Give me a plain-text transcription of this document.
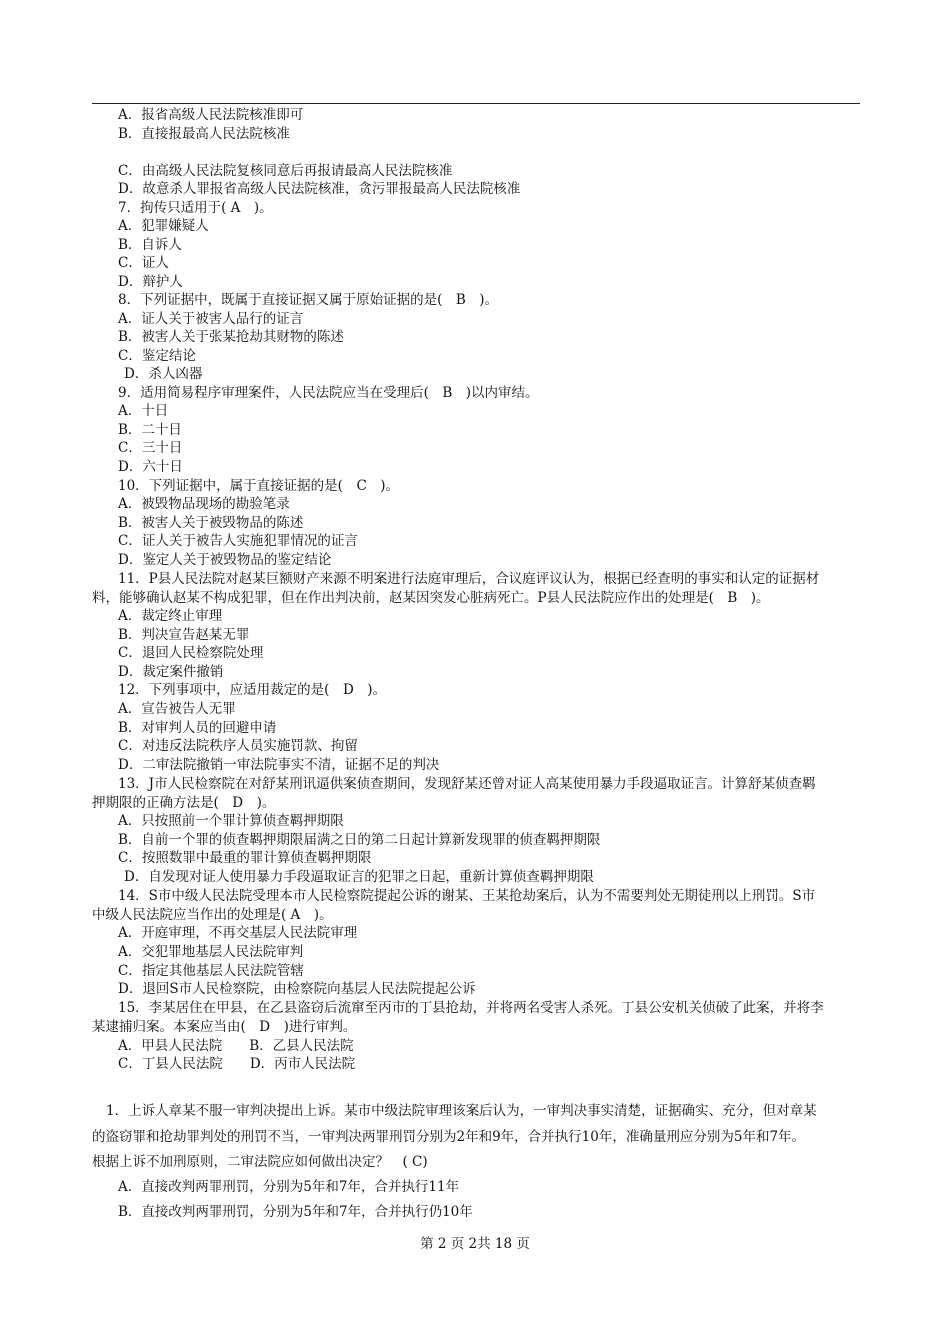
A．报省高级人民法院核准即可
B．直接报最高人民法院核准
C．由高级人民法院复核同意后再报请最高人民法院核准
D．故意杀人罪报省高级人民法院核准，贪污罪报最高人民法院核准
7．拘传只适用于( A　)。
A．犯罪嫌疑人
B．自诉人
C．证人
D．辩护人
8．下列证据中，既属于直接证据又属于原始证据的是(　B　)。
A．证人关于被害人品行的证言
B．被害人关于张某抢劫其财物的陈述
C．鉴定结论
D．杀人凶器
9．适用简易程序审理案件，人民法院应当在受理后(　B　)以内审结。
A．十日
B．二十日
C．三十日
D．六十日
10．下列证据中，属于直接证据的是(　C　)。
A．被毁物品现场的勘验笔录
B．被害人关于被毁物品的陈述
C．证人关于被告人实施犯罪情况的证言
D．鉴定人关于被毁物品的鉴定结论
11．P县人民法院对赵某巨额财产来源不明案进行法庭审理后，合议庭评议认为，根据已经查明的事实和认定的证据材
料，能够确认赵某不构成犯罪，但在作出判决前，赵某因突发心脏病死亡。P县人民法院应作出的处理是(　B　)。
A．裁定终止审理
B．判决宣告赵某无罪
C．退回人民检察院处理
D．裁定案件撤销
12．下列事项中，应适用裁定的是(　D　)。
A．宣告被告人无罪
B．对审判人员的回避申请
C．对违反法院秩序人员实施罚款、拘留
D．二审法院撤销一审法院事实不清，证据不足的判决
13．J市人民检察院在对舒某刑讯逼供案侦查期间，发现舒某还曾对证人高某使用暴力手段逼取证言。计算舒某侦查羁
押期限的正确方法是(　D　)。
A．只按照前一个罪计算侦查羁押期限
B．自前一个罪的侦查羁押期限届满之日的第二日起计算新发现罪的侦查羁押期限
C．按照数罪中最重的罪计算侦查羁押期限
D．自发现对证人使用暴力手段逼取证言的犯罪之日起，重新计算侦查羁押期限
14．S市中级人民法院受理本市人民检察院提起公诉的谢某、王某抢劫案后，认为不需要判处无期徒刑以上刑罚。S市
中级人民法院应当作出的处理是( A　)。
A．开庭审理，不再交基层人民法院审理
A．交犯罪地基层人民法院审判
C．指定其他基层人民法院管辖
D．退回S市人民检察院，由检察院向基层人民法院提起公诉
15．李某居住在甲县，在乙县盗窃后流窜至丙市的丁县抢劫，并将两名受害人杀死。丁县公安机关侦破了此案，并将李
某逮捕归案。本案应当由(　D　)进行审判。
A．甲县人民法院　　B．乙县人民法院
C．丁县人民法院　　D．丙市人民法院
1．上诉人章某不服一审判决提出上诉。某市中级法院审理该案后认为，一审判决事实清楚，证据确实、充分，但对章某
的盗窃罪和抢劫罪判处的刑罚不当，一审判决两罪刑罚分别为2年和9年，合并执行10年，准确量刑应分别为5年和7年。
根据上诉不加刑原则，二审法院应如何做出决定？　( C)
A．直接改判两罪刑罚，分别为5年和7年，合并执行11年
B．直接改判两罪刑罚，分别为5年和7年，合并执行仍10年
第 2 页 2共 18 页
